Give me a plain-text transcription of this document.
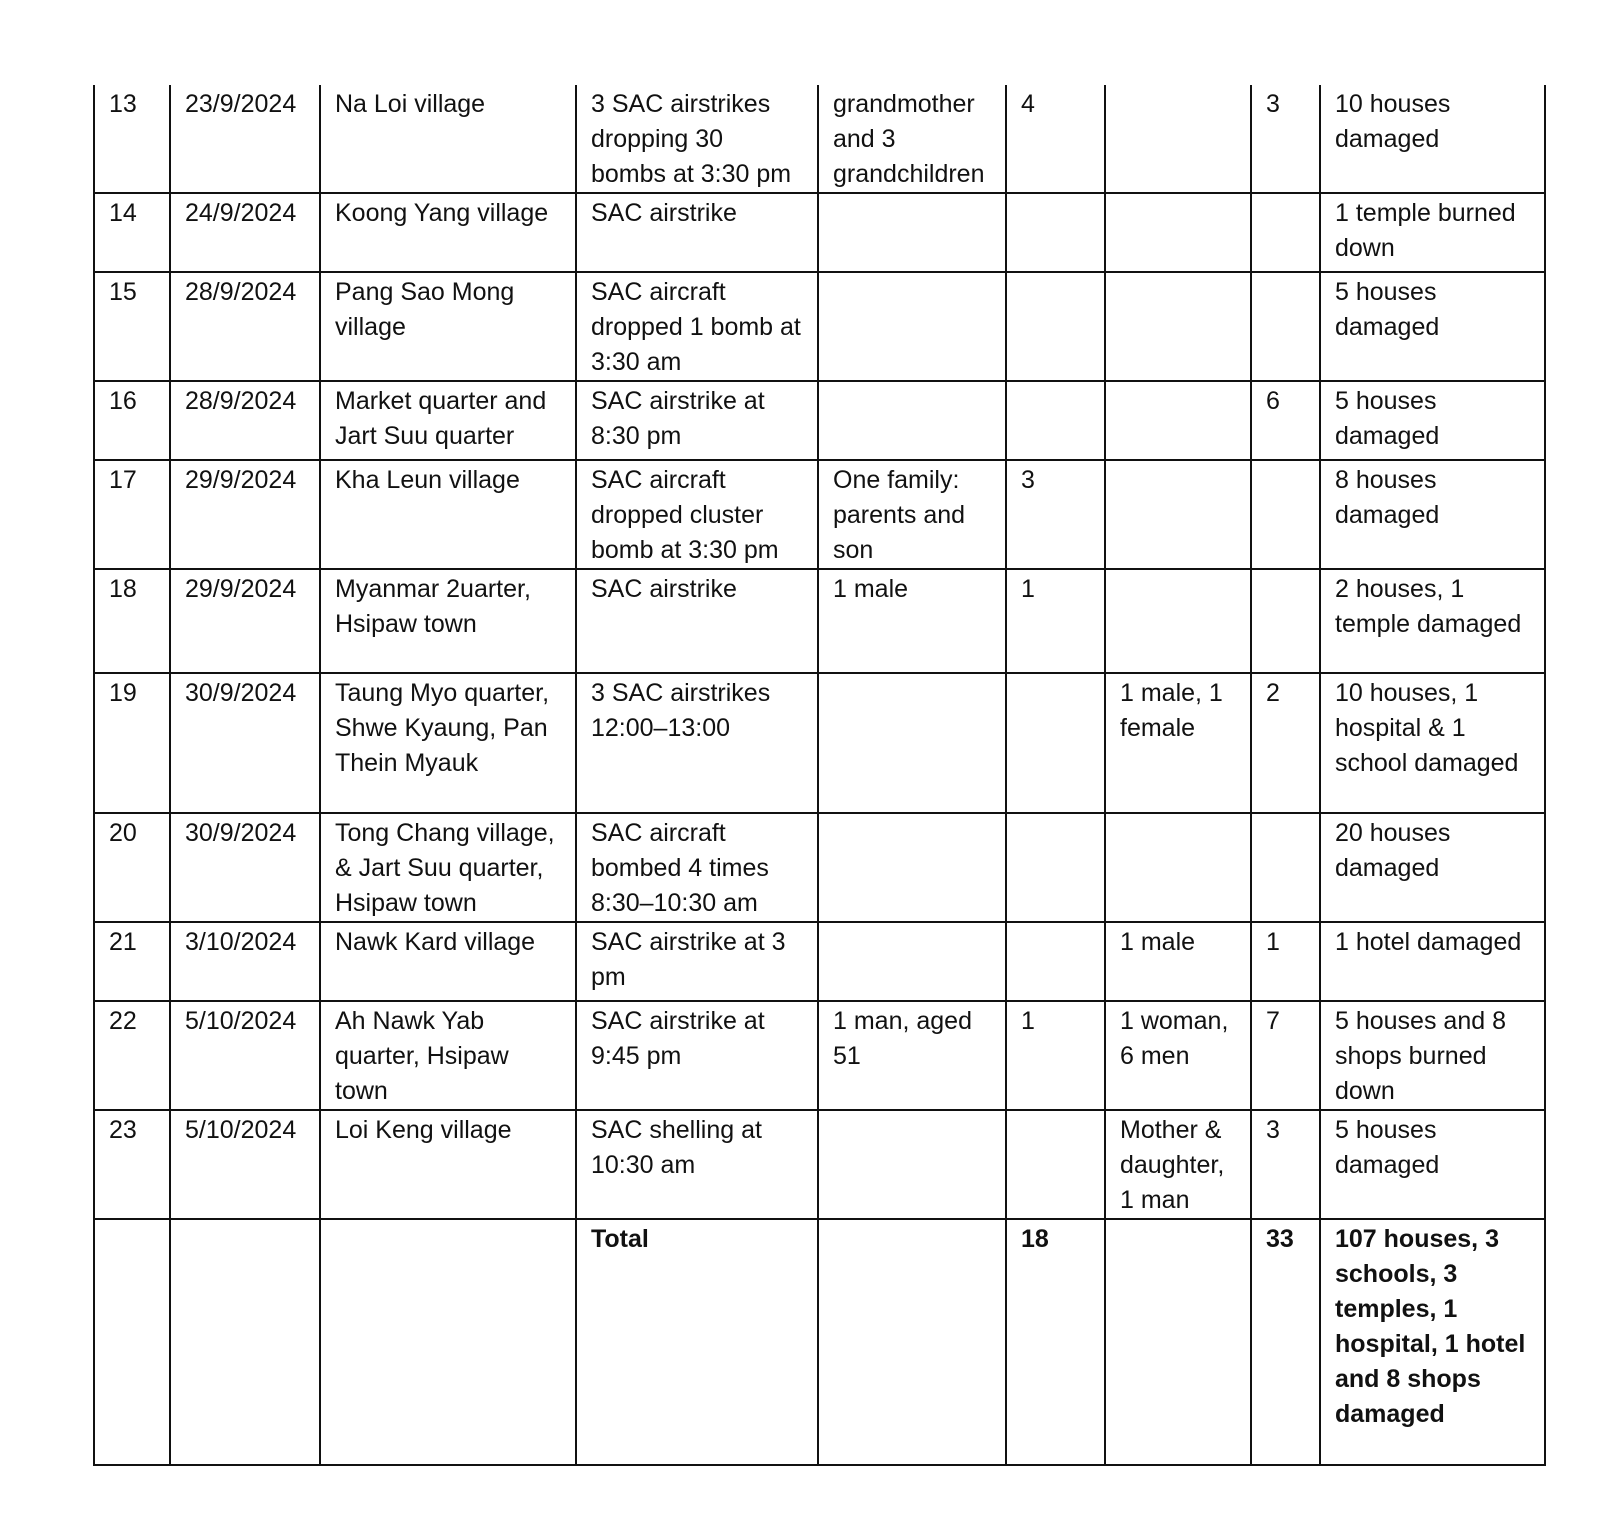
13	23/9/2024	Na Loi village	3 SAC airstrikes dropping 30 bombs at 3:30 pm	grandmother and 3 grandchildren	4		3	10 houses damaged
14	24/9/2024	Koong Yang village	SAC airstrike					1 temple burned down
15	28/9/2024	Pang Sao Mong village	SAC aircraft dropped 1 bomb at 3:30 am					5 houses damaged
16	28/9/2024	Market quarter and Jart Suu quarter	SAC airstrike at 8:30 pm				6	5 houses damaged
17	29/9/2024	Kha Leun village	SAC aircraft dropped cluster bomb at 3:30 pm	One family: parents and son	3			8 houses damaged
18	29/9/2024	Myanmar 2uarter, Hsipaw town	SAC airstrike	1 male	1			2 houses, 1 temple damaged
19	30/9/2024	Taung Myo quarter, Shwe Kyaung, Pan Thein Myauk	3 SAC airstrikes 12:00–13:00			1 male, 1 female	2	10 houses, 1 hospital & 1 school damaged
20	30/9/2024	Tong Chang village, & Jart Suu quarter, Hsipaw town	SAC aircraft bombed 4 times 8:30–10:30 am					20 houses damaged
21	3/10/2024	Nawk Kard village	SAC airstrike at 3 pm			1 male	1	1 hotel damaged
22	5/10/2024	Ah Nawk Yab quarter, Hsipaw town	SAC airstrike at 9:45 pm	1 man, aged 51	1	1 woman, 6 men	7	5 houses and 8 shops burned down
23	5/10/2024	Loi Keng village	SAC shelling at 10:30 am			Mother & daughter, 1 man	3	5 houses damaged
			Total		18		33	107 houses, 3 schools, 3 temples, 1 hospital, 1 hotel and 8 shops damaged
